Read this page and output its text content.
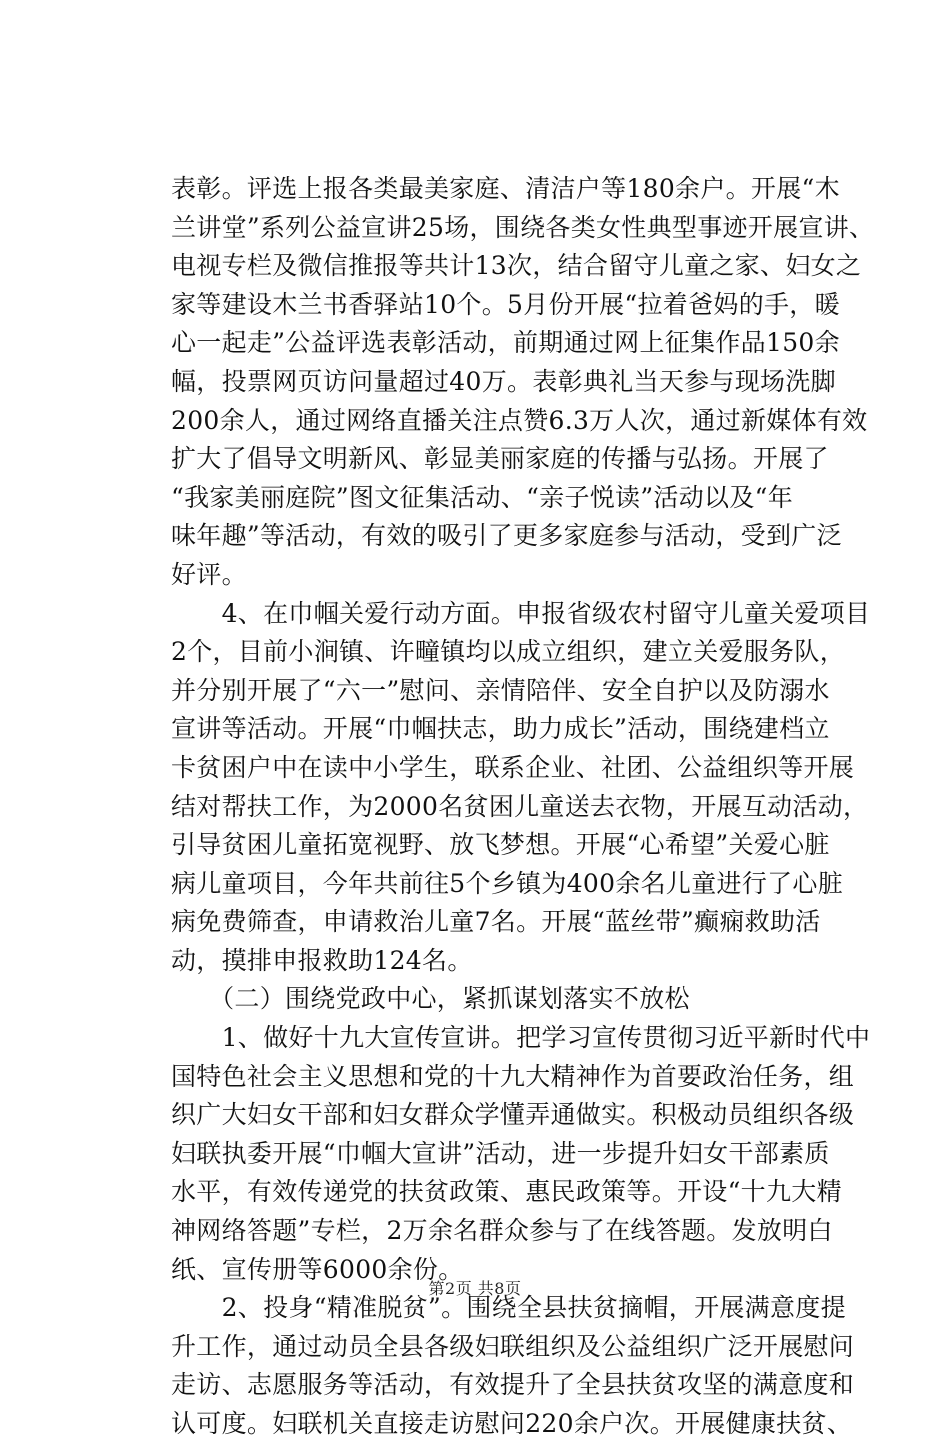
表彰。评选上报各类最美家庭、清洁户等180余户。开展“木
兰讲堂”系列公益宣讲25场，围绕各类女性典型事迹开展宣讲、
电视专栏及微信推报等共计13次，结合留守儿童之家、妇女之
家等建设木兰书香驿站10个。5月份开展“拉着爸妈的手，暖
心一起走”公益评选表彰活动，前期通过网上征集作品150余
幅，投票网页访问量超过40万。表彰典礼当天参与现场洗脚
200余人，通过网络直播关注点赞6.3万人次，通过新媒体有效
扩大了倡导文明新风、彰显美丽家庭的传播与弘扬。开展了
“我家美丽庭院”图文征集活动、“亲子悦读”活动以及“年
味年趣”等活动，有效的吸引了更多家庭参与活动，受到广泛
好评。
　　4、在巾帼关爱行动方面。申报省级农村留守儿童关爱项目
2个，目前小涧镇、许疃镇均以成立组织，建立关爱服务队，
并分别开展了“六一”慰问、亲情陪伴、安全自护以及防溺水
宣讲等活动。开展“巾帼扶志，助力成长”活动，围绕建档立
卡贫困户中在读中小学生，联系企业、社团、公益组织等开展
结对帮扶工作，为2000名贫困儿童送去衣物，开展互动活动，
引导贫困儿童拓宽视野、放飞梦想。开展“心希望”关爱心脏
病儿童项目，今年共前往5个乡镇为400余名儿童进行了心脏
病免费筛查，申请救治儿童7名。开展“蓝丝带”癫痫救助活
动，摸排申报救助124名。
　　（二）围绕党政中心，紧抓谋划落实不放松
　　1、做好十九大宣传宣讲。把学习宣传贯彻习近平新时代中
国特色社会主义思想和党的十九大精神作为首要政治任务，组
织广大妇女干部和妇女群众学懂弄通做实。积极动员组织各级
妇联执委开展“巾帼大宣讲”活动，进一步提升妇女干部素质
水平，有效传递党的扶贫政策、惠民政策等。开设“十九大精
神网络答题”专栏，2万余名群众参与了在线答题。发放明白
纸、宣传册等6000余份。
　　2、投身“精准脱贫”。围绕全县扶贫摘帽，开展满意度提
升工作，通过动员全县各级妇联组织及公益组织广泛开展慰问
走访、志愿服务等活动，有效提升了全县扶贫攻坚的满意度和
认可度。妇联机关直接走访慰问220余户次。开展健康扶贫、
第2页 共8页
